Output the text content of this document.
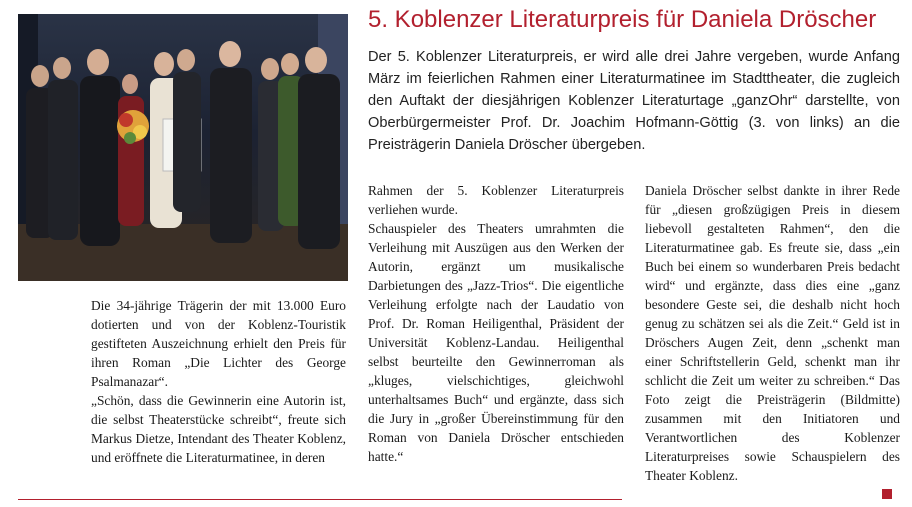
5. Koblenzer Literaturpreis für Daniela Dröscher

Der 5. Koblenzer Literaturpreis, er wird alle drei Jahre vergeben, wurde Anfang März im feierlichen Rahmen einer Literaturmatinee im Stadttheater, die zugleich den Auftakt der diesjährigen Koblenzer Literaturtage „ganzOhr“ darstellte, von Oberbürgermeister Prof. Dr. Joachim Hofmann-Göttig (3. von links) an die Preisträgerin Daniela Dröscher übergeben.

Die 34-jährige Trägerin der mit 13.000 Euro dotierten und von der Koblenz-Touristik gestifteten Auszeichnung erhielt den Preis für ihren Roman „Die Lichter des George Psalmanazar“.

„Schön, dass die Gewinnerin eine Autorin ist, die selbst Theaterstücke schreibt“, freute sich Markus Dietze, Intendant des Theater Koblenz, und eröffnete die Literaturmatinee, in deren

Rahmen der 5. Koblenzer Literaturpreis verliehen wurde.

Schauspieler des Theaters umrahmten die Verleihung mit Auszügen aus den Werken der Autorin, ergänzt um musikalische Darbietungen des „Jazz-Trios“. Die eigentliche Verleihung erfolgte nach der Laudatio von Prof. Dr. Roman Heiligenthal, Präsident der Universität Koblenz-Landau. Heiligenthal selbst beurteilte den Gewinnerroman als „kluges, vielschichtiges, gleichwohl unterhaltsames Buch“ und ergänzte, dass sich die Jury in „großer Übereinstimmung für den Roman von Daniela Dröscher entschieden hatte.“

Daniela Dröscher selbst dankte in ihrer Rede für „diesen großzügigen Preis in diesem liebevoll gestalteten Rahmen“, den die Literaturmatinee gab. Es freute sie, dass „ein Buch bei einem so wunderbaren Preis bedacht wird“ und ergänzte, dass dies eine „ganz besondere Geste sei, die deshalb nicht hoch genug zu schätzen sei als die Zeit.“ Geld ist in Dröschers Augen Zeit, denn „schenkt man einer Schriftstellerin Geld, schenkt man ihr schlicht die Zeit um weiter zu schreiben.“ Das Foto zeigt die Preisträgerin (Bildmitte) zusammen mit den Initiatoren und Verantwortlichen des Koblenzer Literaturpreises sowie Schauspielern des Theater Koblenz.
